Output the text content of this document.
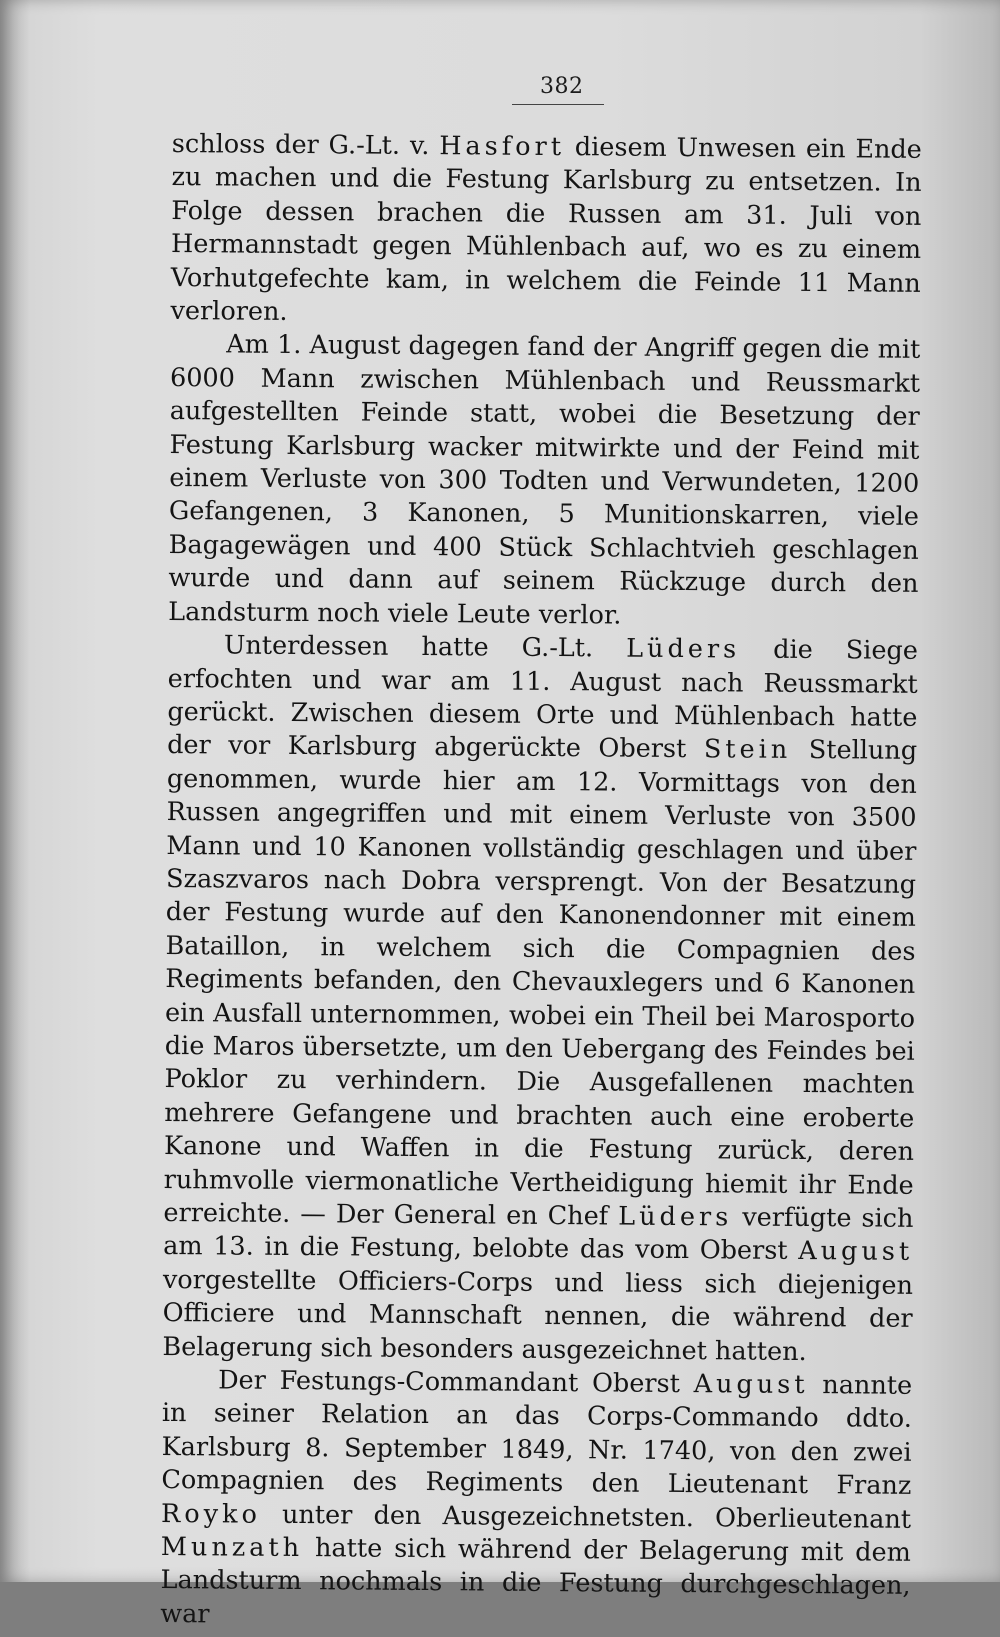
382

schloss der G.-Lt. v. Hasfort diesem Unwesen ein Ende zu machen und die Festung Karlsburg zu entsetzen. In Folge dessen brachen die Russen am 31. Juli von Hermannstadt gegen Mühlenbach auf, wo es zu einem Vorhutgefechte kam, in welchem die Feinde 11 Mann verloren.

Am 1. August dagegen fand der Angriff gegen die mit 6000 Mann zwischen Mühlenbach und Reussmarkt aufgestellten Feinde statt, wobei die Besetzung der Festung Karlsburg wacker mitwirkte und der Feind mit einem Verluste von 300 Todten und Verwundeten, 1200 Gefangenen, 3 Kanonen, 5 Munitionskarren, viele Bagagewägen und 400 Stück Schlachtvieh geschlagen wurde und dann auf seinem Rückzuge durch den Landsturm noch viele Leute verlor.

Unterdessen hatte G.-Lt. Lüders die Siege erfochten und war am 11. August nach Reussmarkt gerückt. Zwischen diesem Orte und Mühlenbach hatte der vor Karlsburg abgerückte Oberst Stein Stellung genommen, wurde hier am 12. Vormittags von den Russen angegriffen und mit einem Verluste von 3500 Mann und 10 Kanonen vollständig geschlagen und über Szaszvaros nach Dobra versprengt. Von der Besatzung der Festung wurde auf den Kanonendonner mit einem Bataillon, in welchem sich die Compagnien des Regiments befanden, den Chevauxlegers und 6 Kanonen ein Ausfall unternommen, wobei ein Theil bei Marosporto die Maros übersetzte, um den Uebergang des Feindes bei Poklor zu verhindern. Die Ausgefallenen machten mehrere Gefangene und brachten auch eine eroberte Kanone und Waffen in die Festung zurück, deren ruhmvolle viermonatliche Vertheidigung hiemit ihr Ende erreichte. — Der General en Chef Lüders verfügte sich am 13. in die Festung, belobte das vom Oberst August vorgestellte Officiers-Corps und liess sich diejenigen Officiere und Mannschaft nennen, die während der Belagerung sich besonders ausgezeichnet hatten.

Der Festungs-Commandant Oberst August nannte in seiner Relation an das Corps-Commando ddto. Karlsburg 8. September 1849, Nr. 1740, von den zwei Compagnien des Regiments den Lieutenant Franz Royko unter den Ausgezeichnetsten. Oberlieutenant Munzath hatte sich während der Belagerung mit dem Landsturm nochmals in die Festung durchgeschlagen, war
